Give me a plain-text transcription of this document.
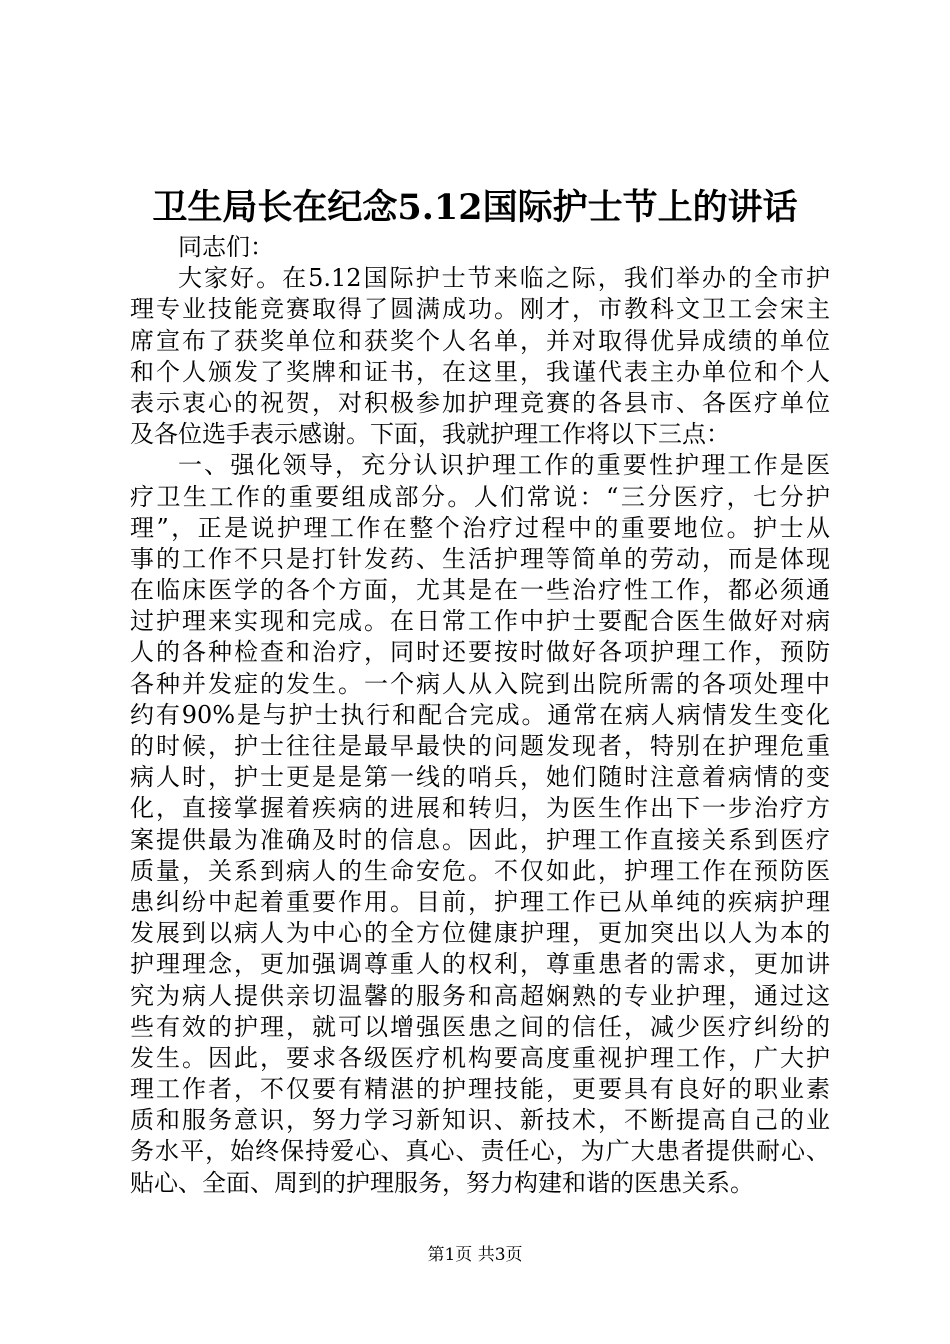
卫生局长在纪念5.12国际护士节上的讲话
同志们：
大家好。在5.12国际护士节来临之际，我们举办的全市护
理专业技能竞赛取得了圆满成功。刚才，市教科文卫工会宋主
席宣布了获奖单位和获奖个人名单，并对取得优异成绩的单位
和个人颁发了奖牌和证书，在这里，我谨代表主办单位和个人
表示衷心的祝贺，对积极参加护理竞赛的各县市、各医疗单位
及各位选手表示感谢。下面，我就护理工作将以下三点：
一、强化领导，充分认识护理工作的重要性护理工作是医
疗卫生工作的重要组成部分。人们常说：“三分医疗，七分护
理”，正是说护理工作在整个治疗过程中的重要地位。护士从
事的工作不只是打针发药、生活护理等简单的劳动，而是体现
在临床医学的各个方面，尤其是在一些治疗性工作，都必须通
过护理来实现和完成。在日常工作中护士要配合医生做好对病
人的各种检查和治疗，同时还要按时做好各项护理工作，预防
各种并发症的发生。一个病人从入院到出院所需的各项处理中
约有90%是与护士执行和配合完成。通常在病人病情发生变化
的时候，护士往往是最早最快的问题发现者，特别在护理危重
病人时，护士更是是第一线的哨兵，她们随时注意着病情的变
化，直接掌握着疾病的进展和转归，为医生作出下一步治疗方
案提供最为准确及时的信息。因此，护理工作直接关系到医疗
质量，关系到病人的生命安危。不仅如此，护理工作在预防医
患纠纷中起着重要作用。目前，护理工作已从单纯的疾病护理
发展到以病人为中心的全方位健康护理，更加突出以人为本的
护理理念，更加强调尊重人的权利，尊重患者的需求，更加讲
究为病人提供亲切温馨的服务和高超娴熟的专业护理，通过这
些有效的护理，就可以增强医患之间的信任，减少医疗纠纷的
发生。因此，要求各级医疗机构要高度重视护理工作，广大护
理工作者，不仅要有精湛的护理技能，更要具有良好的职业素
质和服务意识，努力学习新知识、新技术，不断提高自己的业
务水平，始终保持爱心、真心、责任心，为广大患者提供耐心、
贴心、全面、周到的护理服务，努力构建和谐的医患关系。
第1页 共3页
